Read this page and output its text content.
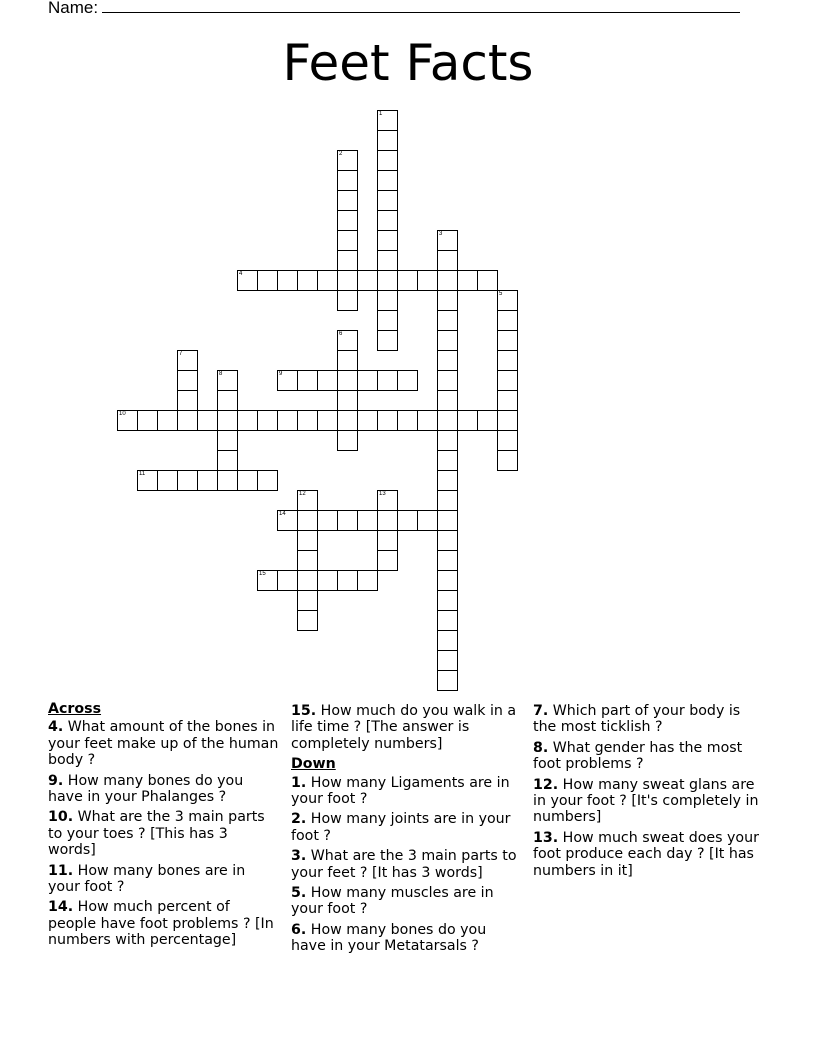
Name:
Feet Facts
1
2
3
4
5
6
7
8	9
10
11
12	13
14
15
Across
4. What amount of the bones in your feet make up of the human body ?
9. How many bones do you have in your Phalanges ?
10. What are the 3 main parts to your toes ? [This has 3 words]
11. How many bones are in your foot ?
14. How much percent of people have foot problems ? [In numbers with percentage]
15. How much do you walk in a life time ? [The answer is completely numbers]
Down
1. How many Ligaments are in your foot ?
2. How many joints are in your foot ?
3. What are the 3 main parts to your feet ? [It has 3 words]
5. How many muscles are in your foot ?
6. How many bones do you have in your Metatarsals ?
7. Which part of your body is the most ticklish ?
8. What gender has the most foot problems ?
12. How many sweat glans are in your foot ? [It's completely in numbers]
13. How much sweat does your foot produce each day ? [It has numbers in it]
